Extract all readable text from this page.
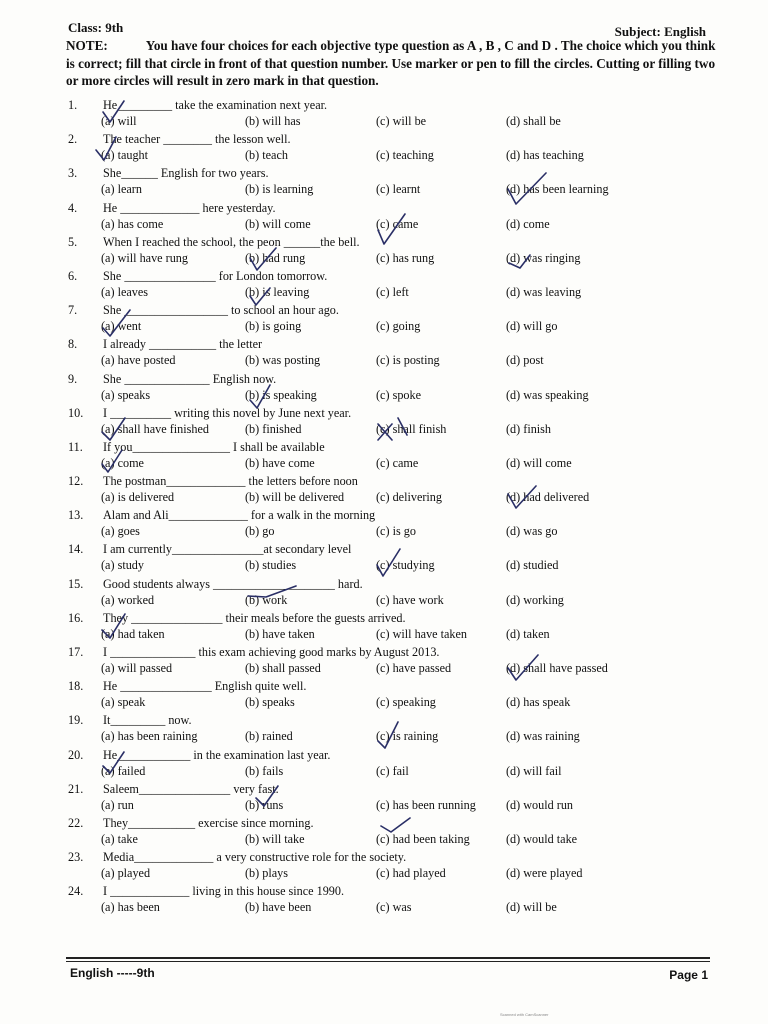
Class: 9th	Subject: English
NOTE:	You have four choices for each objective type question as A , B , C and D . The choice which you think is correct; fill that circle in front of that question number. Use marker or pen to fill the circles. Cutting or filling two or more circles will result in zero mark in that question.
1. He_________ take the examination next year.
(a) will	(b) will has	(c) will be	(d) shall be
2. The teacher ________ the lesson well.
(a) taught	(b) teach	(c) teaching	(d) has teaching
3. She______ English for two years.
(a) learn	(b) is learning	(c) learnt	(d) has been learning
4. He _____________ here yesterday.
(a) has come	(b) will come	(c) came	(d) come
5. When I reached the school, the peon ______the bell.
(a) will have rung	(b) had rung	(c) has rung	(d) was ringing
6. She _______________ for London tomorrow.
(a) leaves	(b) is leaving	(c) left	(d) was leaving
7. She _________________ to school an hour ago.
(a) went	(b) is going	(c) going	(d) will go
8. I already ___________ the letter
(a) have posted	(b) was posting	(c) is posting	(d) post
9. She ______________ English now.
(a) speaks	(b) is speaking	(c) spoke	(d) was speaking
10. I __________ writing this novel by June next year.
(a) shall have finished	(b) finished	(c) shall finish	(d) finish
11. If you________________ I shall be available
(a) come	(b) have come	(c) came	(d) will come
12. The postman_____________ the letters before noon
(a) is delivered	(b) will be delivered	(c) delivering	(d) had delivered
13. Alam and Ali_____________ for a walk in the morning
(a) goes	(b) go	(c) is go	(d) was go
14. I am currently_______________at secondary level
(a) study	(b) studies	(c) studying	(d) studied
15. Good students always ____________________ hard.
(a) worked	(b) work	(c) have work	(d) working
16. They _______________ their meals before the guests arrived.
(a) had taken	(b) have taken	(c) will have taken	(d) taken
17. I ______________ this exam achieving good marks by August 2013.
(a) will passed	(b) shall passed	(c) have passed	(d) shall have passed
18. He _______________ English quite well.
(a) speak	(b) speaks	(c) speaking	(d) has speak
19. It_________ now.
(a) has been raining	(b) rained	(c) is raining	(d) was raining
20. He____________ in the examination last year.
(a) failed	(b) fails	(c) fail	(d) will fail
21. Saleem_______________ very fast.
(a) run	(b) runs	(c) has been running (d) would run
22. They___________ exercise since morning.
(a) take	(b) will take	(c) had been taking	(d) would take
23. Media_____________ a very constructive role for the society.
(a) played	(b) plays	(c) had played	(d) were played
24. I _____________ living in this house since 1990.
(a) has been	(b) have been	(c) was	(d) will be
English -----9th	Page 1
Scanned with CamScanner
